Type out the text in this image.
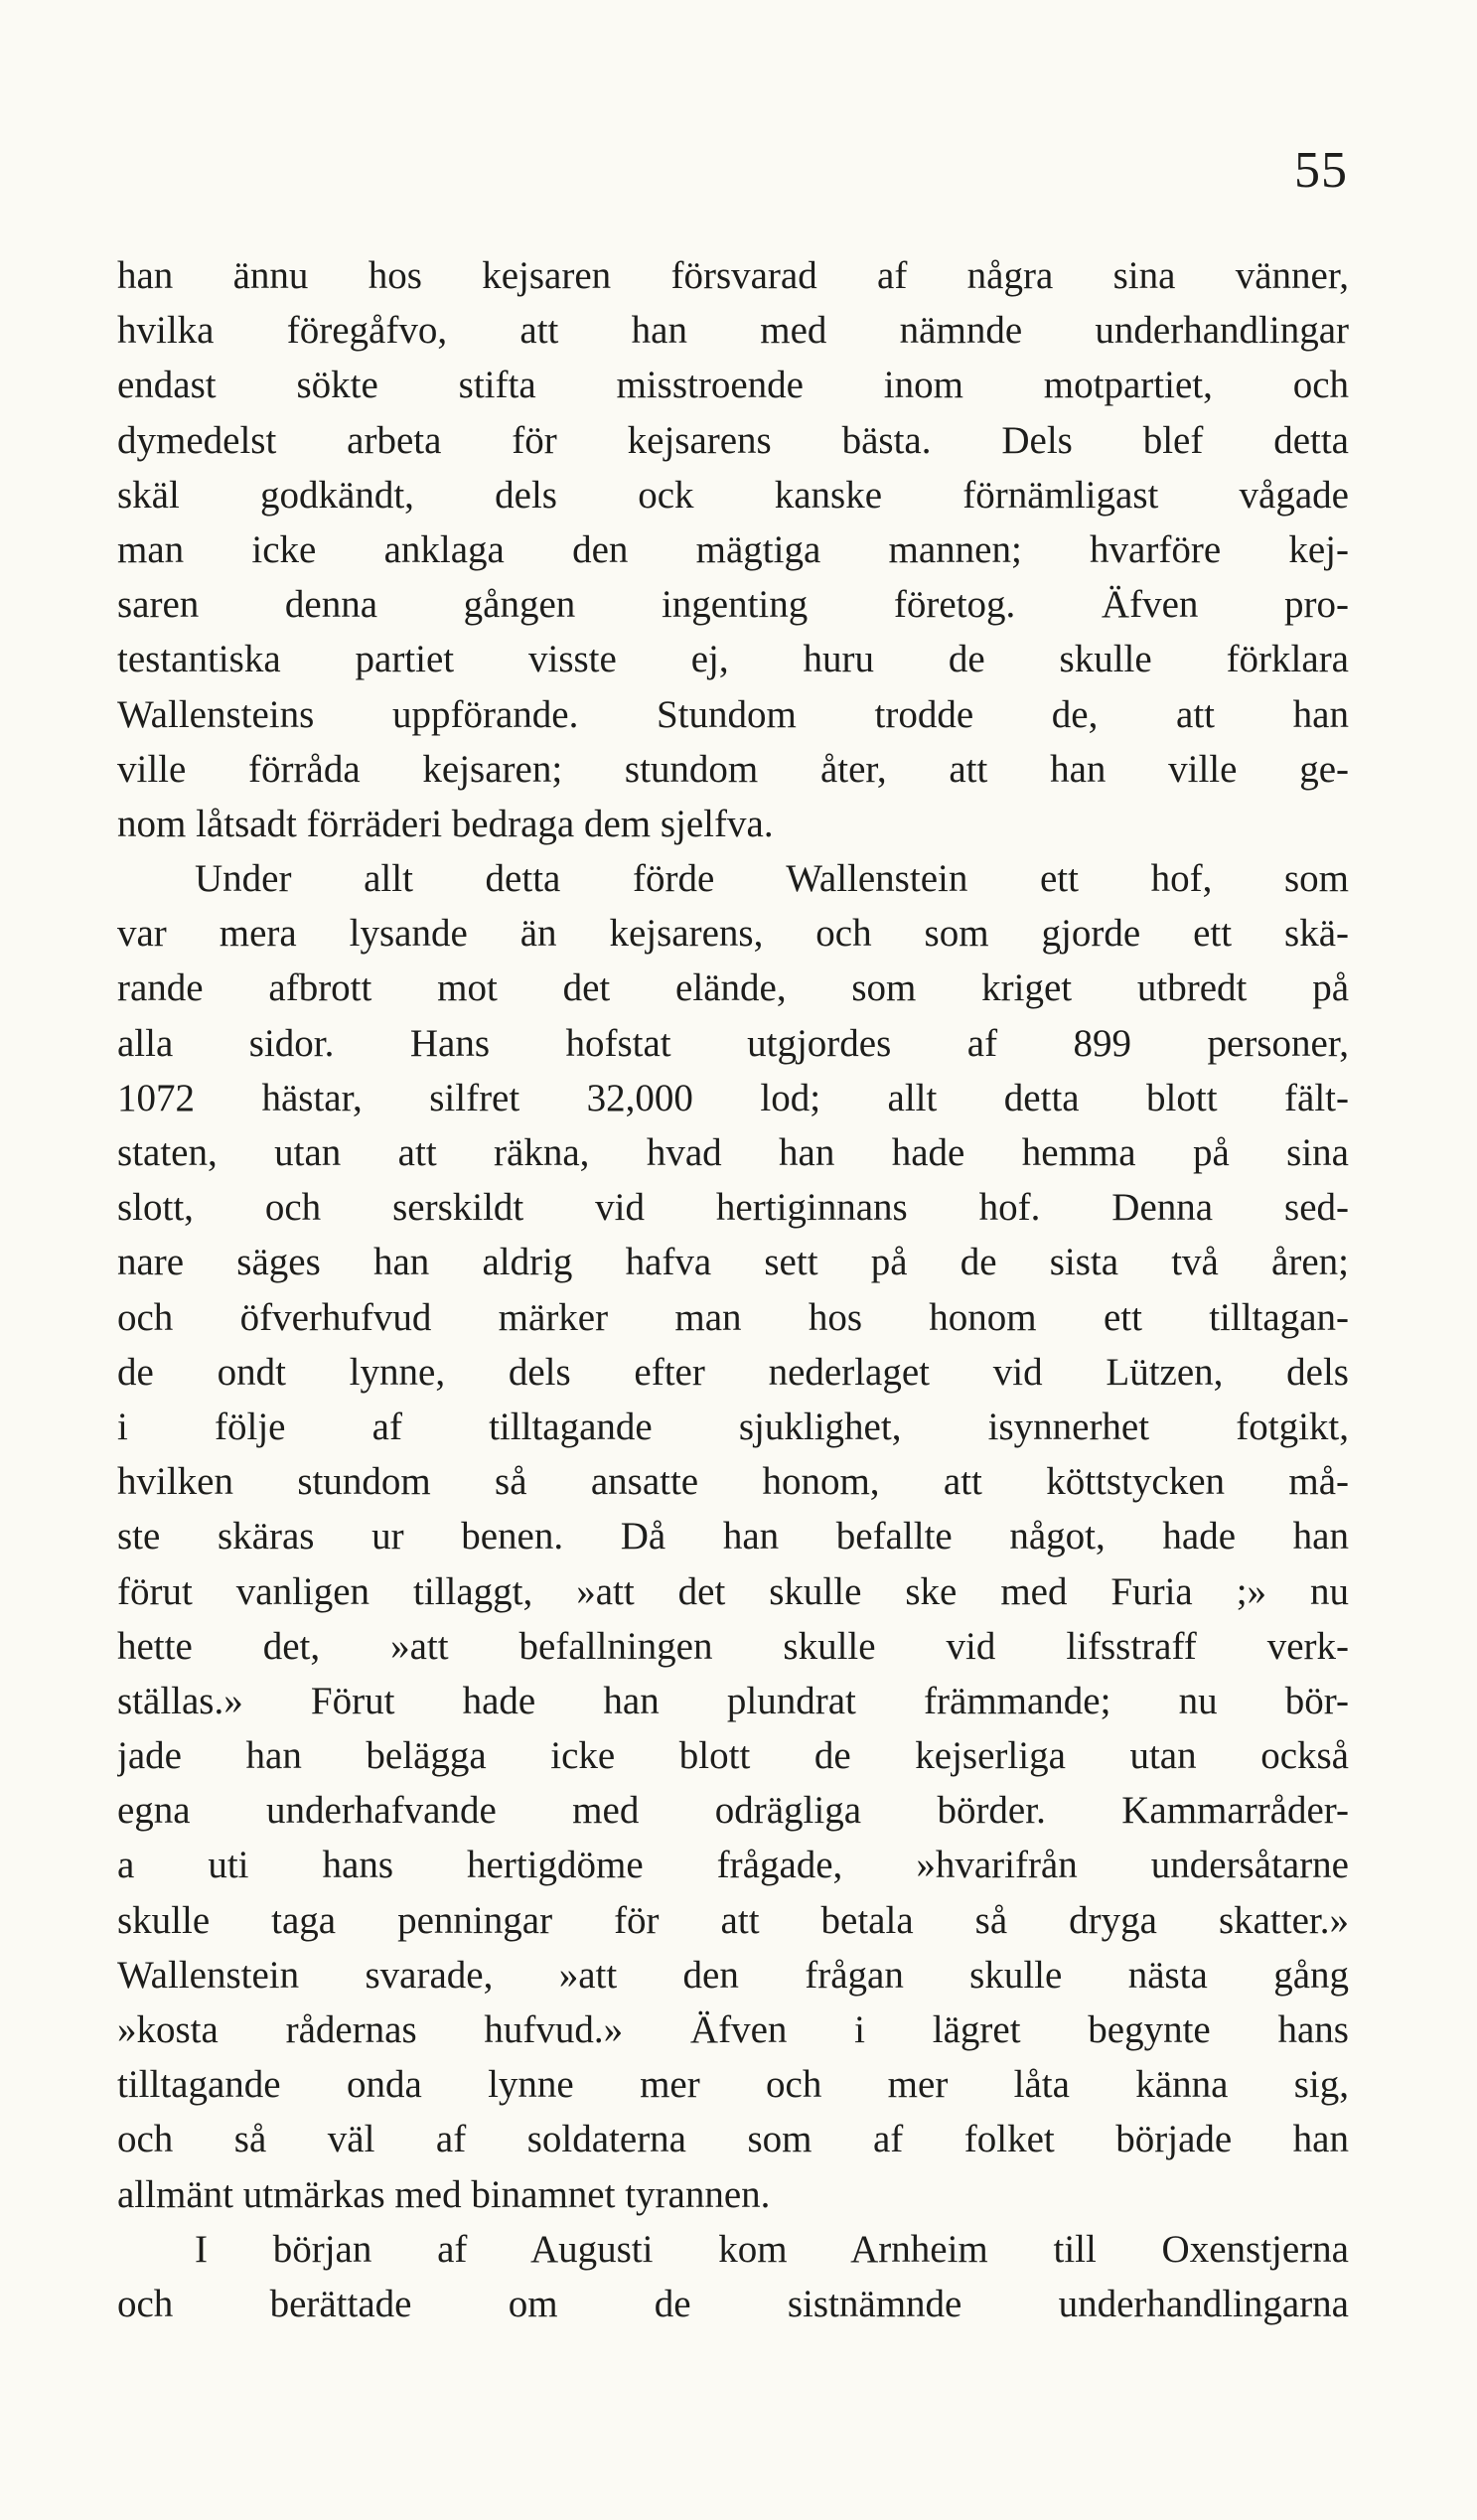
55
han ännu hos kejsaren försvarad af några sina vänner,
hvilka föregåfvo, att han med nämnde underhandlingar
endast sökte stifta misstroende inom motpartiet, och
dymedelst arbeta för kejsarens bästa. Dels blef detta
skäl godkändt, dels ock kanske förnämligast vågade
man icke anklaga den mägtiga mannen; hvarföre kej-
saren denna gången ingenting företog. Äfven pro-
testantiska partiet visste ej, huru de skulle förklara
Wallensteins uppförande. Stundom trodde de, att han
ville förråda kejsaren; stundom åter, att han ville ge-
nom låtsadt förräderi bedraga dem sjelfva.
Under allt detta förde Wallenstein ett hof, som
var mera lysande än kejsarens, och som gjorde ett skä-
rande afbrott mot det elände, som kriget utbredt på
alla sidor. Hans hofstat utgjordes af 899 personer,
1072 hästar, silfret 32,000 lod; allt detta blott fält-
staten, utan att räkna, hvad han hade hemma på sina
slott, och serskildt vid hertiginnans hof. Denna sed-
nare säges han aldrig hafva sett på de sista två åren;
och öfverhufvud märker man hos honom ett tilltagan-
de ondt lynne, dels efter nederlaget vid Lützen, dels
i följe af tilltagande sjuklighet, isynnerhet fotgikt,
hvilken stundom så ansatte honom, att köttstycken må-
ste skäras ur benen. Då han befallte något, hade han
förut vanligen tillaggt, »att det skulle ske med Furia ;» nu
hette det, »att befallningen skulle vid lifsstraff verk-
ställas.» Förut hade han plundrat främmande; nu bör-
jade han belägga icke blott de kejserliga utan också
egna underhafvande med odrägliga börder. Kammarråder-
a uti hans hertigdöme frågade, »hvarifrån undersåtarne
skulle taga penningar för att betala så dryga skatter.»
Wallenstein svarade, »att den frågan skulle nästa gång
»kosta rådernas hufvud.» Äfven i lägret begynte hans
tilltagande onda lynne mer och mer låta känna sig,
och så väl af soldaterna som af folket började han
allmänt utmärkas med binamnet tyrannen.
I början af Augusti kom Arnheim till Oxenstjerna
och berättade om de sistnämnde underhandlingarna
